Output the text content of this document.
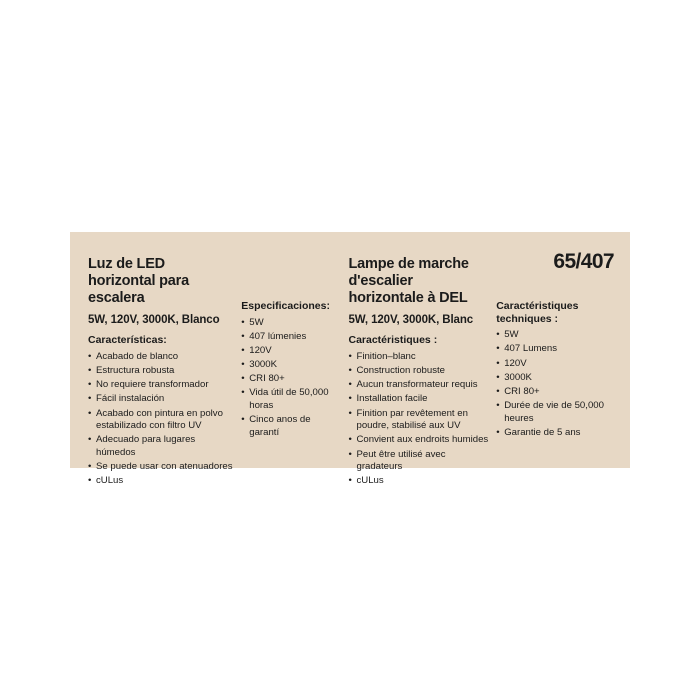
Luz de LED horizontal para escalera
5W, 120V, 3000K, Blanco
Características:
• Acabado de blanco
• Estructura robusta
• No requiere transformador
• Fácil instalación
• Acabado con pintura en polvo estabilizado con filtro UV
• Adecuado para lugares húmedos
• Se puede usar con atenuadores
• cULus
Especificaciones:
• 5W
• 407 lúmenies
• 120V
• 3000K
• CRI 80+
• Vida útil de 50,000 horas
• Cinco anos de garantí
Lampe de marche d'escalier horizontale à DEL
5W, 120V, 3000K, Blanc
Caractéristiques :
• Finition–blanc
• Construction robuste
• Aucun transformateur requis
• Installation facile
• Finition par revêtement en poudre, stabilisé aux UV
• Convient aux endroits humides
• Peut être utilisé avec gradateurs
• cULus
65/407
Caractéristiques techniques :
• 5W
• 407 Lumens
• 120V
• 3000K
• CRI 80+
• Durée de vie de 50,000 heures
• Garantie de 5 ans
